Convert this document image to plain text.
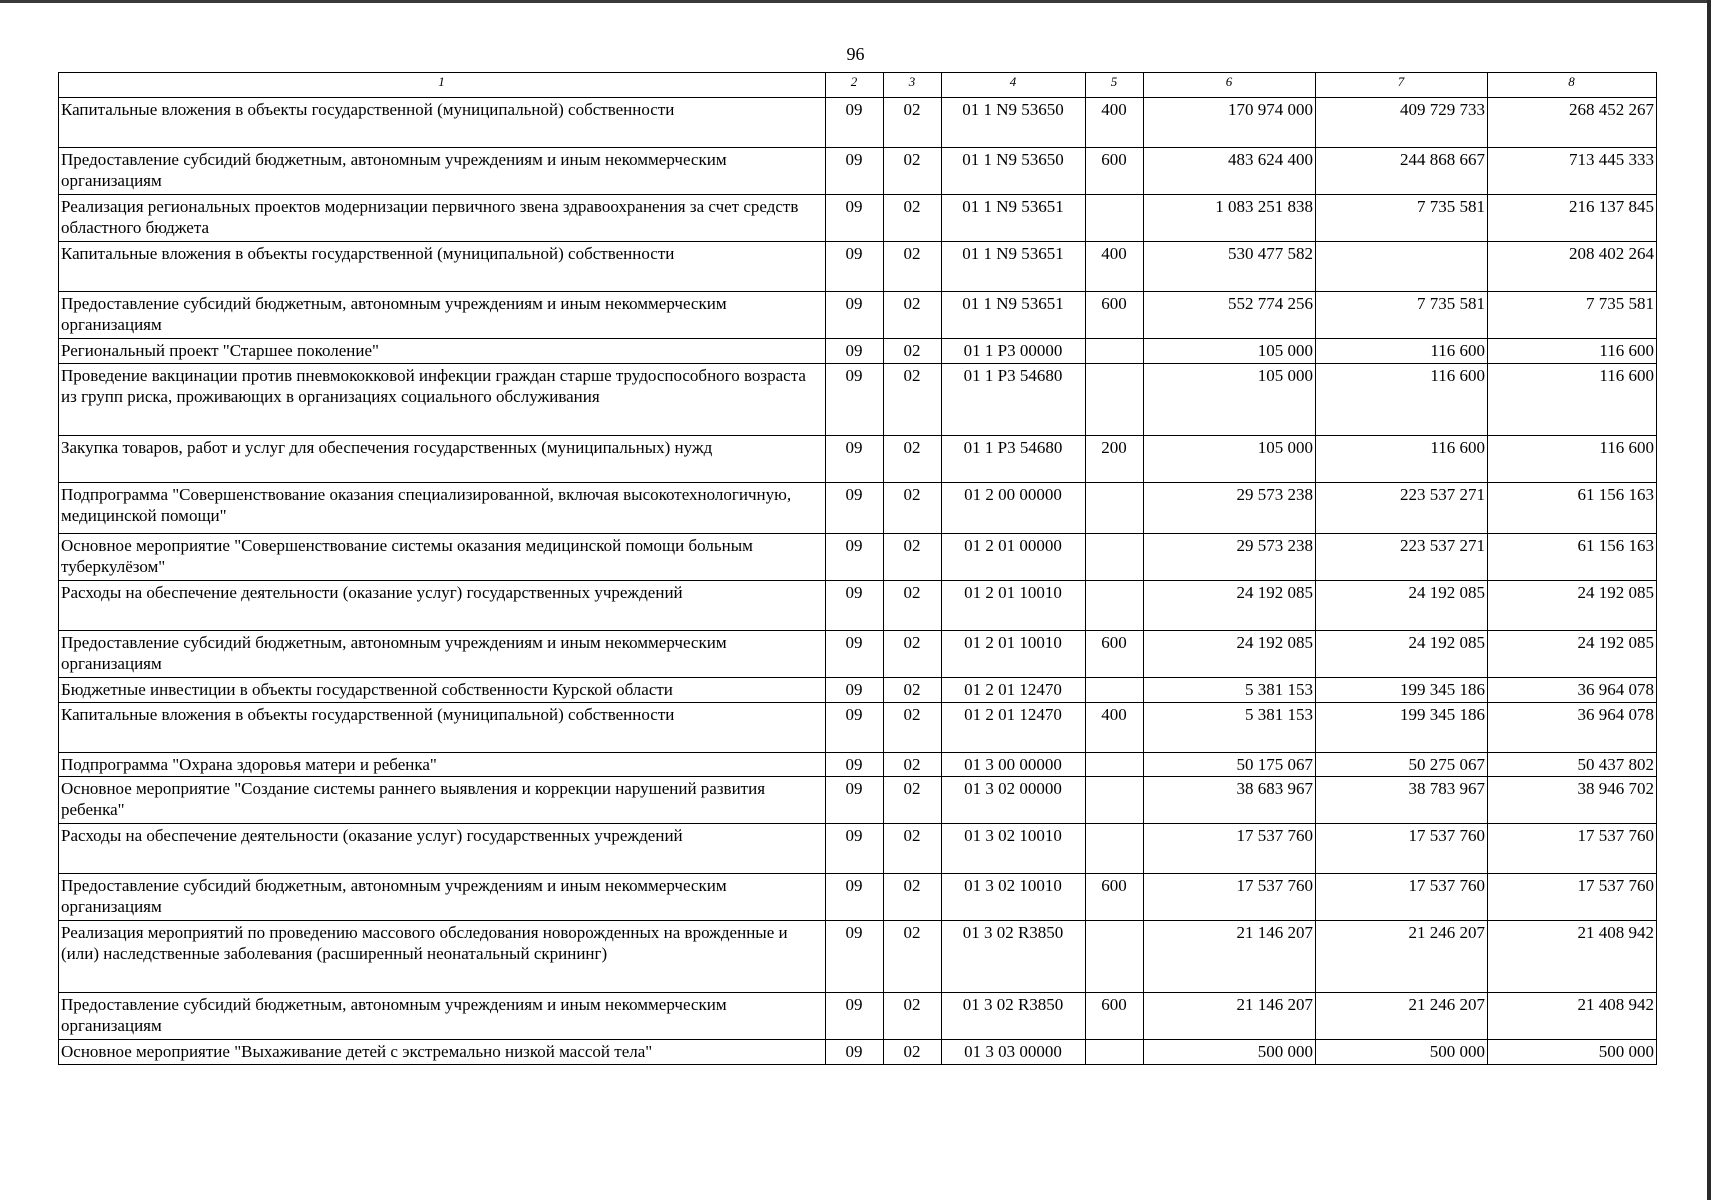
96
1	2	3	4	5	6	7	8
Капитальные вложения в объекты государственной (муниципальной) собственности	09	02	01 1 N9 53650	400	170 974 000	409 729 733	268 452 267
Предоставление субсидий бюджетным, автономным учреждениям и иным некоммерческим организациям	09	02	01 1 N9 53650	600	483 624 400	244 868 667	713 445 333
Реализация региональных проектов модернизации первичного звена здравоохранения за счет средств областного бюджета	09	02	01 1 N9 53651		1 083 251 838	7 735 581	216 137 845
Капитальные вложения в объекты государственной (муниципальной) собственности	09	02	01 1 N9 53651	400	530 477 582		208 402 264
Предоставление субсидий бюджетным, автономным учреждениям и иным некоммерческим организациям	09	02	01 1 N9 53651	600	552 774 256	7 735 581	7 735 581
Региональный проект "Старшее поколение"	09	02	01 1 P3 00000		105 000	116 600	116 600
Проведение вакцинации против пневмококковой инфекции граждан старше трудоспособного возраста из групп риска, проживающих в организациях социального обслуживания	09	02	01 1 P3 54680		105 000	116 600	116 600
Закупка товаров, работ и услуг для обеспечения государственных (муниципальных) нужд	09	02	01 1 P3 54680	200	105 000	116 600	116 600
Подпрограмма "Совершенствование оказания специализированной, включая высокотехнологичную, медицинской помощи"	09	02	01 2 00 00000		29 573 238	223 537 271	61 156 163
Основное мероприятие "Совершенствование системы оказания медицинской помощи больным туберкулёзом"	09	02	01 2 01 00000		29 573 238	223 537 271	61 156 163
Расходы на обеспечение деятельности (оказание услуг) государственных учреждений	09	02	01 2 01 10010		24 192 085	24 192 085	24 192 085
Предоставление субсидий бюджетным, автономным учреждениям и иным некоммерческим организациям	09	02	01 2 01 10010	600	24 192 085	24 192 085	24 192 085
Бюджетные инвестиции в объекты государственной собственности Курской области	09	02	01 2 01 12470		5 381 153	199 345 186	36 964 078
Капитальные вложения в объекты государственной (муниципальной) собственности	09	02	01 2 01 12470	400	5 381 153	199 345 186	36 964 078
Подпрограмма "Охрана здоровья матери и ребенка"	09	02	01 3 00 00000		50 175 067	50 275 067	50 437 802
Основное мероприятие "Создание системы раннего выявления и коррекции нарушений развития ребенка"	09	02	01 3 02 00000		38 683 967	38 783 967	38 946 702
Расходы на обеспечение деятельности (оказание услуг) государственных учреждений	09	02	01 3 02 10010		17 537 760	17 537 760	17 537 760
Предоставление субсидий бюджетным, автономным учреждениям и иным некоммерческим организациям	09	02	01 3 02 10010	600	17 537 760	17 537 760	17 537 760
Реализация мероприятий по проведению массового обследования новорожденных на врожденные и (или) наследственные заболевания (расширенный неонатальный скрининг)	09	02	01 3 02 R3850		21 146 207	21 246 207	21 408 942
Предоставление субсидий бюджетным, автономным учреждениям и иным некоммерческим организациям	09	02	01 3 02 R3850	600	21 146 207	21 246 207	21 408 942
Основное мероприятие "Выхаживание детей с экстремально низкой массой тела"	09	02	01 3 03 00000		500 000	500 000	500 000
